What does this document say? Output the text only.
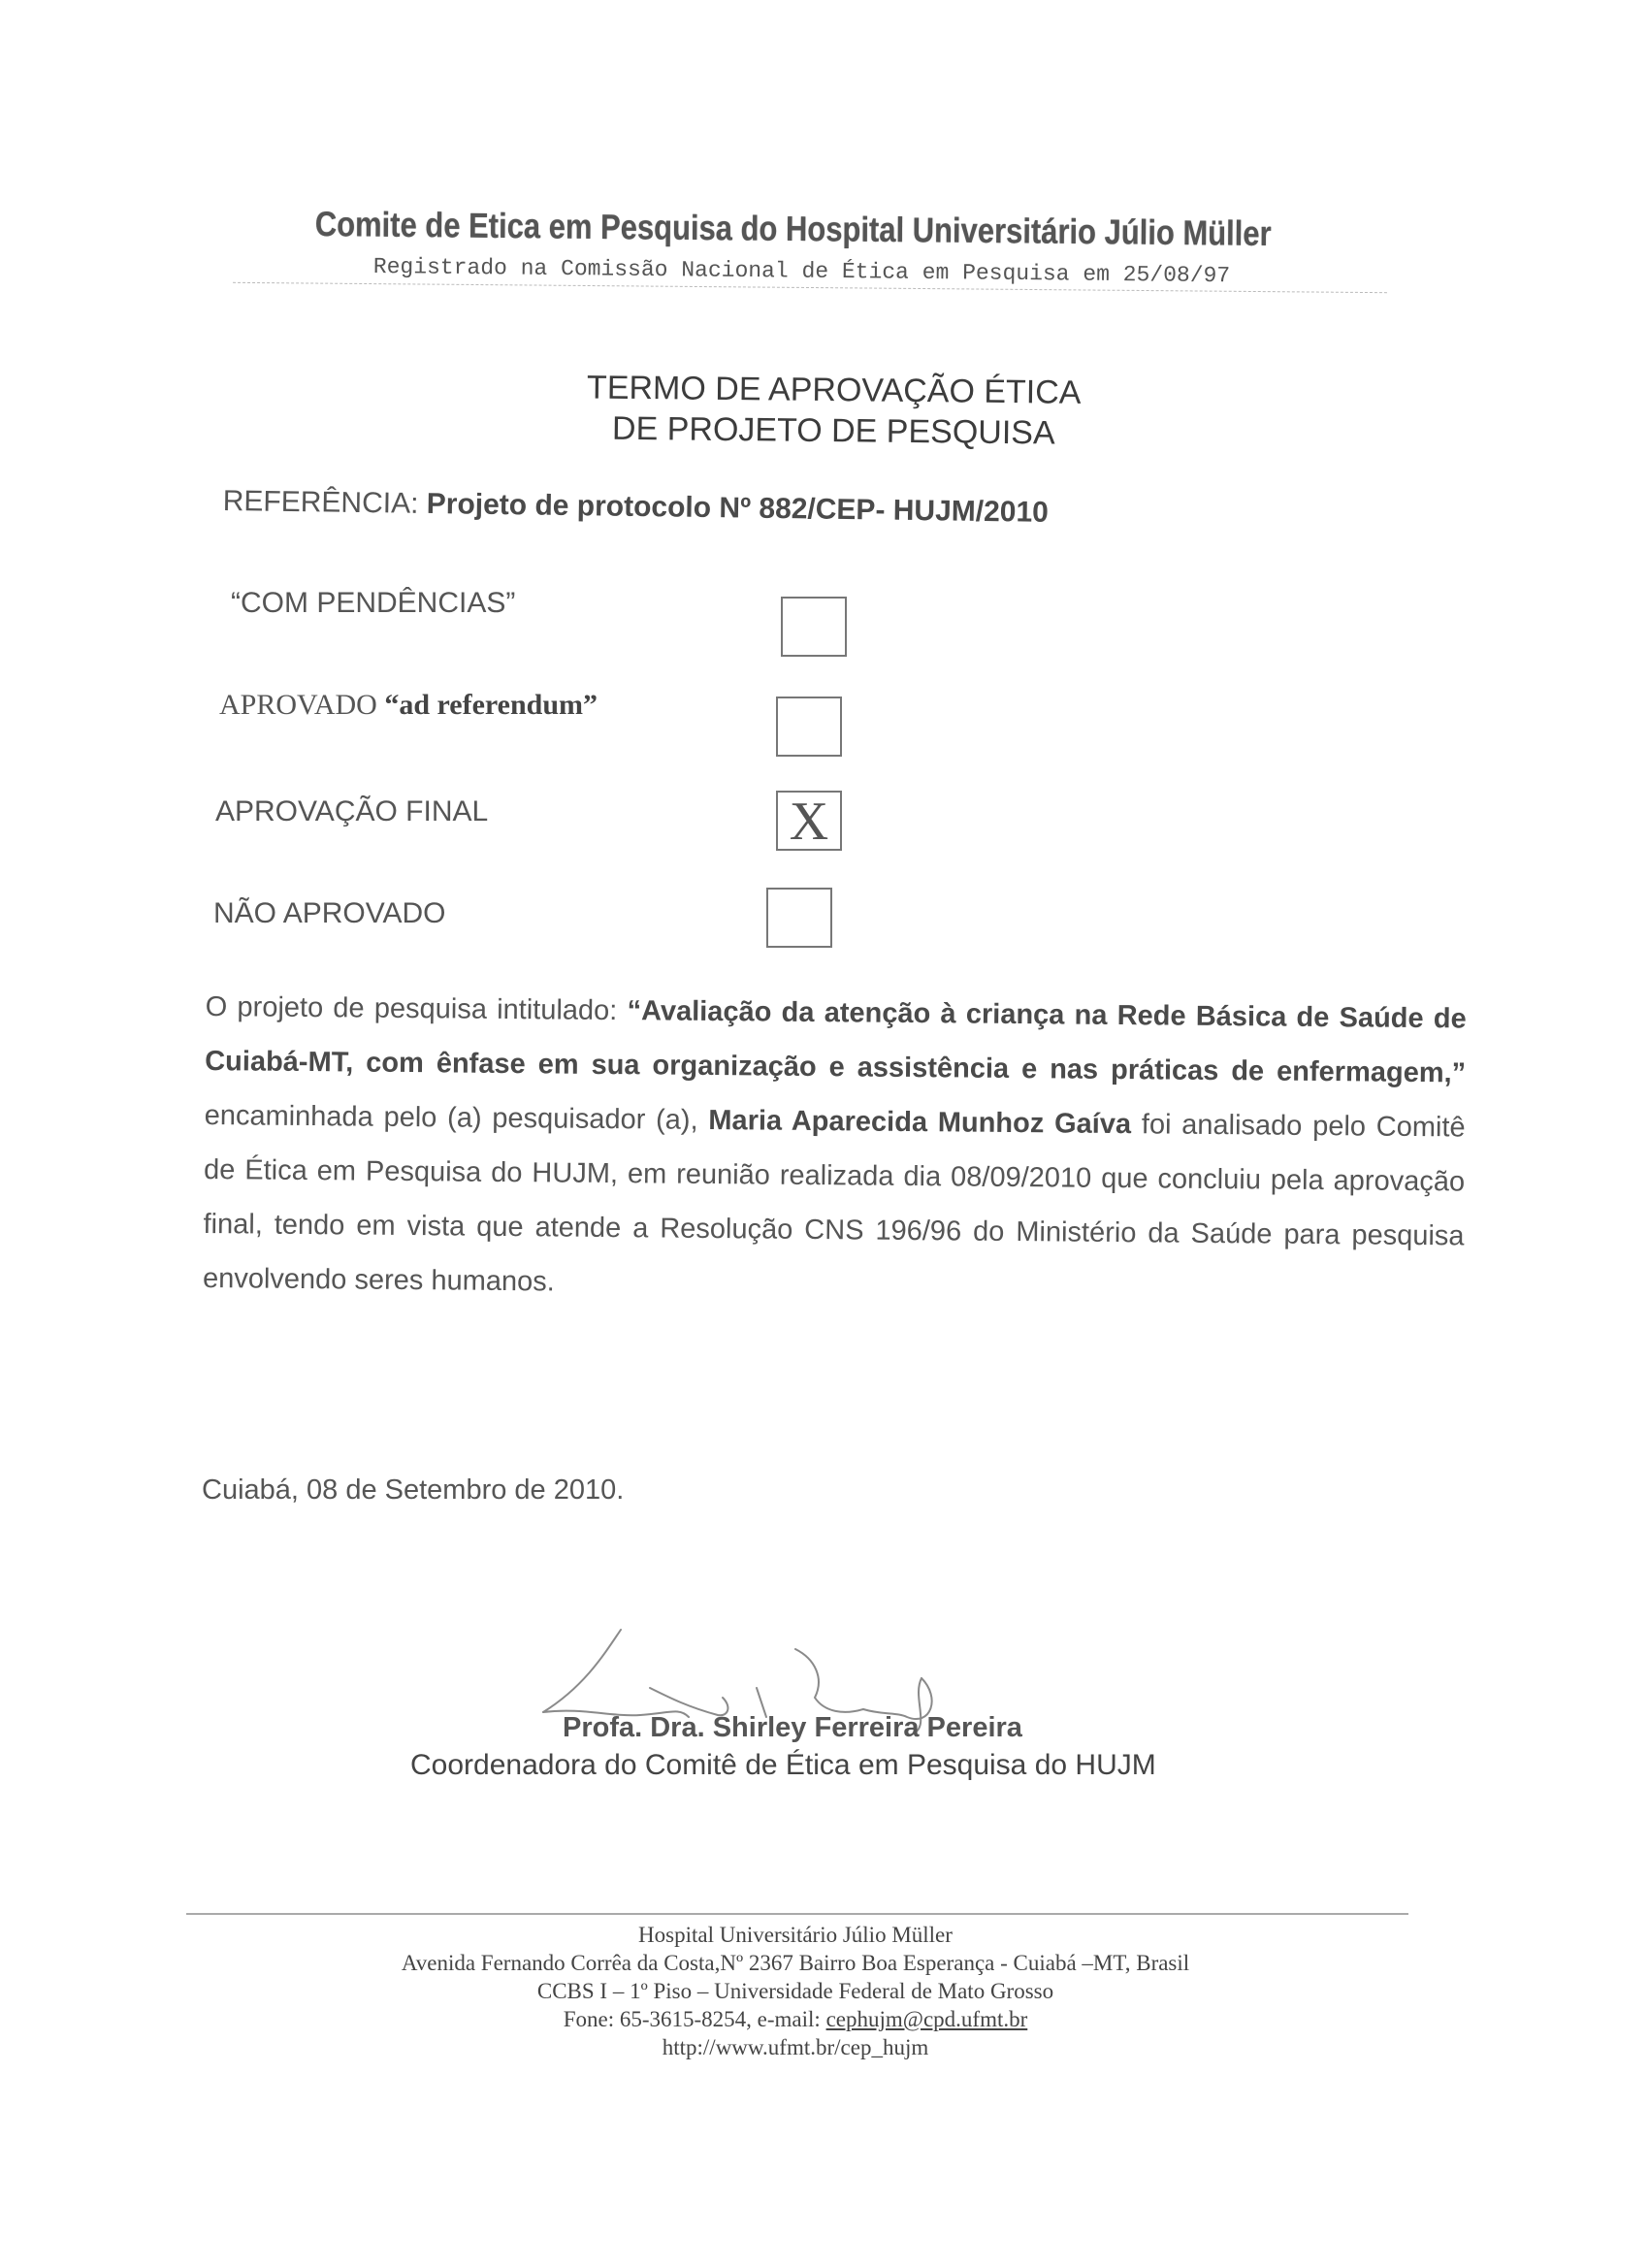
Comite de Etica em Pesquisa do Hospital Universitário Júlio Müller
Registrado na Comissão Nacional de Ética em Pesquisa em 25/08/97
TERMO DE APROVAÇÃO ÉTICA
DE PROJETO DE PESQUISA
REFERÊNCIA: Projeto de protocolo Nº 882/CEP- HUJM/2010
“COM PENDÊNCIAS”
APROVADO “ad referendum”
APROVAÇÃO FINAL	X
NÃO APROVADO
O projeto de pesquisa intitulado: “Avaliação da atenção à criança na Rede Básica de Saúde de Cuiabá-MT, com ênfase em sua organização e assistência e nas práticas de enfermagem,” encaminhada pelo (a) pesquisador (a), Maria Aparecida Munhoz Gaíva foi analisado pelo Comitê de Ética em Pesquisa do HUJM, em reunião realizada dia 08/09/2010 que concluiu pela aprovação final, tendo em vista que atende a Resolução CNS 196/96 do Ministério da Saúde para pesquisa envolvendo seres humanos.
Cuiabá, 08 de Setembro de 2010.
Profa. Dra. Shirley Ferreira Pereira
Coordenadora do Comitê de Ética em Pesquisa do HUJM
Hospital Universitário Júlio Müller
Avenida Fernando Corrêa da Costa,Nº 2367 Bairro Boa Esperança - Cuiabá –MT, Brasil
CCBS I – 1º Piso – Universidade Federal de Mato Grosso
Fone: 65-3615-8254, e-mail: cephujm@cpd.ufmt.br
http://www.ufmt.br/cep_hujm
